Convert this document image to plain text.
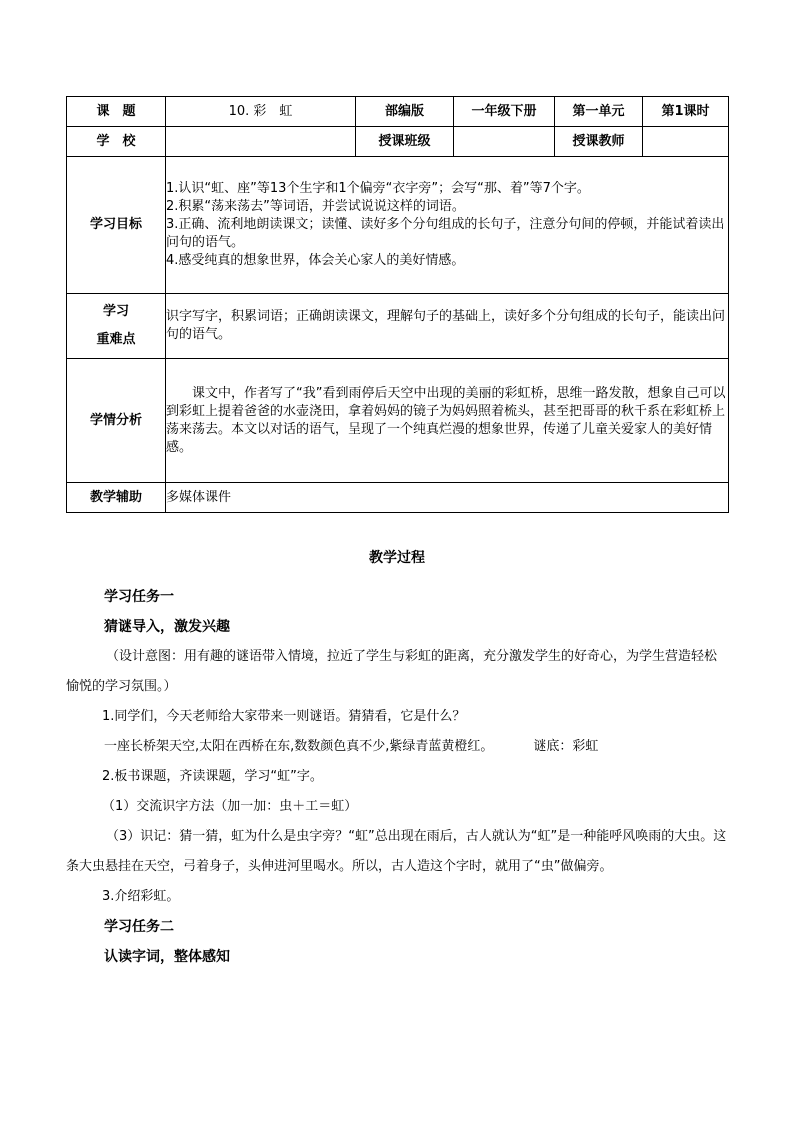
课　题	10. 彩　虹	部编版	一年级下册	第一单元	第1课时
学　校		授课班级		授课教师	
学习目标	1.认识“虹、座”等13个生字和1个偏旁“衣字旁”；会写“那、着”等7个字。

2.积累“荡来荡去”等词语，并尝试说说这样的词语。

3.正确、流利地朗读课文；读懂、读好多个分句组成的长句子，注意分句间的停顿，并能试着读出问句的语气。

4.感受纯真的想象世界，体会关心家人的美好情感。				

学习
重难点	识字写字，积累词语；正确朗读课文，理解句子的基础上，读好多个分句组成的长句子，能读出问句的语气。				

学情分析	课文中，作者写了“我”看到雨停后天空中出现的美丽的彩虹桥，思维一路发散，想象自己可以到彩虹上提着爸爸的水壶浇田，拿着妈妈的镜子为妈妈照着梳头，甚至把哥哥的秋千系在彩虹桥上荡来荡去。本文以对话的语气，呈现了一个纯真烂漫的想象世界，传递了儿童关爱家人的美好情感。				

教学辅助	多媒体课件				
教学过程

学习任务一

猜谜导入，激发兴趣

（设计意图：用有趣的谜语带入情境，拉近了学生与彩虹的距离，充分激发学生的好奇心，为学生营造轻松愉悦的学习氛围。）

1.同学们，今天老师给大家带来一则谜语。猜猜看，它是什么？

一座长桥架天空,太阳在西桥在东,数数颜色真不少,紫绿青蓝黄橙红。	谜底：彩虹

2.板书课题，齐读课题，学习“虹”字。

（1）交流识字方法（加一加：虫＋工＝虹）

（3）识记：猜一猜，虹为什么是虫字旁？“虹”总出现在雨后，古人就认为“虹”是一种能呼风唤雨的大虫。这条大虫悬挂在天空，弓着身子，头伸进河里喝水。所以，古人造这个字时，就用了“虫”做偏旁。

3.介绍彩虹。

学习任务二

认读字词，整体感知
